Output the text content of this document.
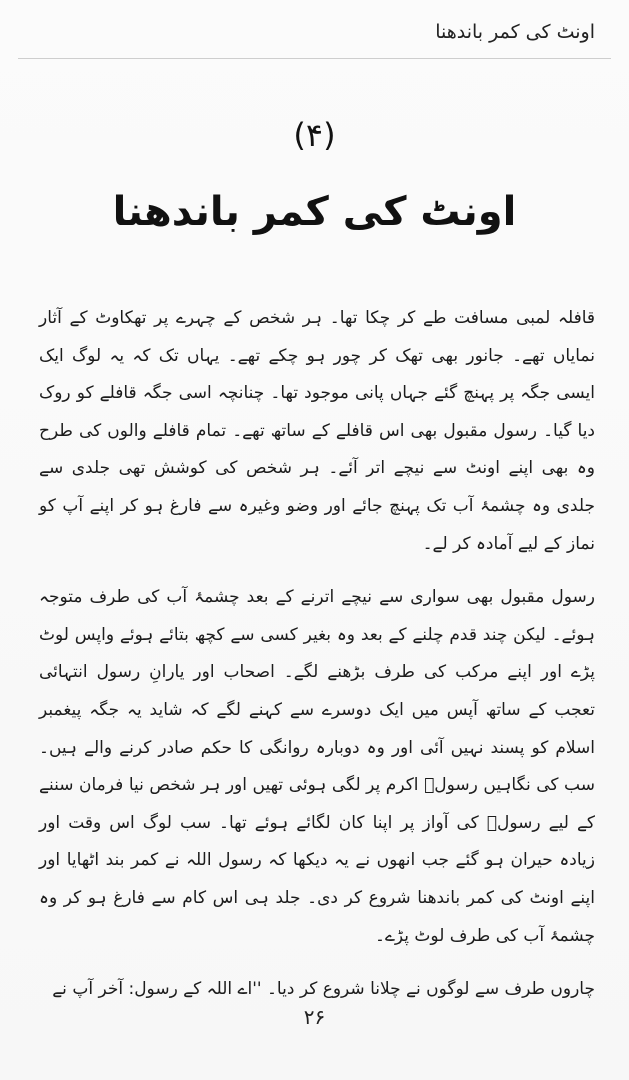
اونٹ کی کمر باندھنا
(۴)
اونٹ کی کمر باندھنا

قافلہ لمبی مسافت طے کر چکا تھا۔ ہر شخص کے چہرے پر تھکاوٹ کے آثار نمایاں تھے۔ جانور بھی تھک کر چور ہو چکے تھے۔ یہاں تک کہ یہ لوگ ایک ایسی جگہ پر پہنچ گئے جہاں پانی موجود تھا۔ چنانچہ اسی جگہ قافلے کو روک دیا گیا۔ رسول مقبول بھی اس قافلے کے ساتھ تھے۔ تمام قافلے والوں کی طرح وہ بھی اپنے اونٹ سے نیچے اتر آئے۔ ہر شخص کی کوشش تھی جلدی سے جلدی وہ چشمۂ آب تک پہنچ جائے اور وضو وغیرہ سے فارغ ہو کر اپنے آپ کو نماز کے لیے آمادہ کر لے۔

رسول مقبول بھی سواری سے نیچے اترنے کے بعد چشمۂ آب کی طرف متوجہ ہوئے۔ لیکن چند قدم چلنے کے بعد وہ بغیر کسی سے کچھ بتائے ہوئے واپس لوٹ پڑے اور اپنے مرکب کی طرف بڑھنے لگے۔ اصحاب اور یارانِ رسول انتہائی تعجب کے ساتھ آپس میں ایک دوسرے سے کہنے لگے کہ شاید یہ جگہ پیغمبر اسلام کو پسند نہیں آئی اور وہ دوبارہ روانگی کا حکم صادر کرنے والے ہیں۔ سب کی نگاہیں رسولؐ اکرم پر لگی ہوئی تھیں اور ہر شخص نیا فرمان سننے کے لیے رسولؐ کی آواز پر اپنا کان لگائے ہوئے تھا۔ سب لوگ اس وقت اور زیادہ حیران ہو گئے جب انھوں نے یہ دیکھا کہ رسول اللہ نے کمر بند اٹھایا اور اپنے اونٹ کی کمر باندھنا شروع کر دی۔ جلد ہی اس کام سے فارغ ہو کر وہ چشمۂ آب کی طرف لوٹ پڑے۔

چاروں طرف سے لوگوں نے چلانا شروع کر دیا۔ ''اے اللہ کے رسول: آخر آپ نے

۲۶
